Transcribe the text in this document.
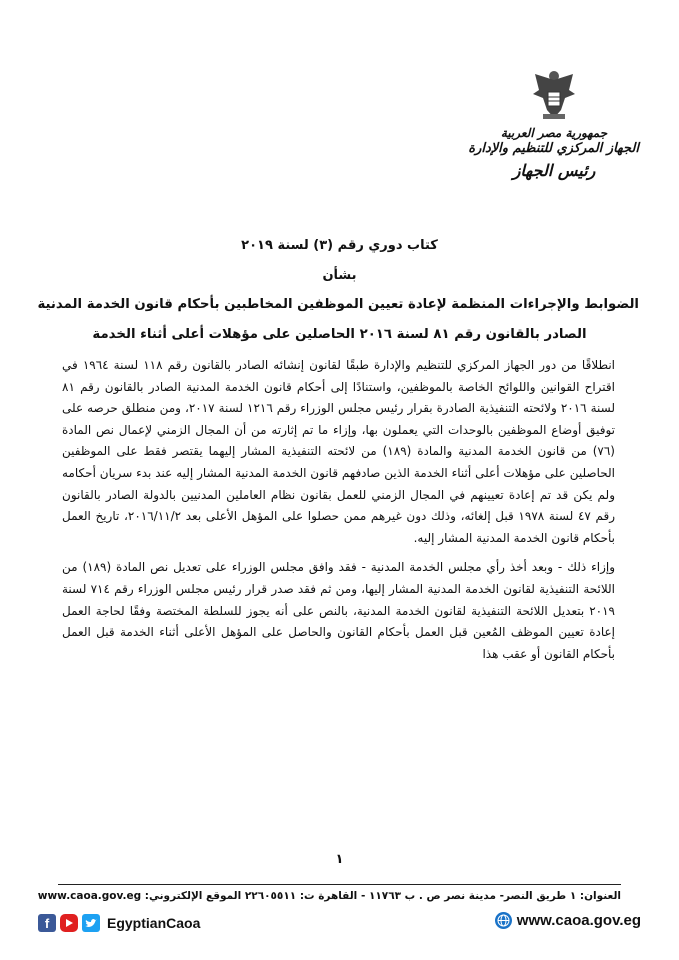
جمهورية مصر العربية
الجهاز المركزي للتنظيم والإدارة
رئيس الجهاز
كتاب دوري رقم (٣) لسنة ٢٠١٩
بشأن
الضوابط والإجراءات المنظمة لإعادة تعيين الموظفين المخاطبين بأحكام قانون الخدمة المدنية
الصادر بالقانون رقم ٨١ لسنة ٢٠١٦ الحاصلين على مؤهلات أعلى أثناء الخدمة

انطلاقًا من دور الجهاز المركزي للتنظيم والإدارة طبقًا لقانون إنشائه الصادر بالقانون رقم ١١٨ لسنة ١٩٦٤ في اقتراح القوانين واللوائح الخاصة بالموظفين، واستنادًا إلى أحكام قانون الخدمة المدنية الصادر بالقانون رقم ٨١ لسنة ٢٠١٦ ولائحته التنفيذية الصادرة بقرار رئيس مجلس الوزراء رقم ١٢١٦ لسنة ٢٠١٧، ومن منطلق حرصه على توفيق أوضاع الموظفين بالوحدات التي يعملون بها، وإزاء ما تم إثارته من أن المجال الزمني لإعمال نص المادة (٧٦) من قانون الخدمة المدنية والمادة (١٨٩) من لائحته التنفيذية المشار إليهما يقتصر فقط على الموظفين الحاصلين على مؤهلات أعلى أثناء الخدمة الذين صادفهم قانون الخدمة المدنية المشار إليه عند بدء سريان أحكامه ولم يكن قد تم إعادة تعيينهم في المجال الزمني للعمل بقانون نظام العاملين المدنيين بالدولة الصادر بالقانون رقم ٤٧ لسنة ١٩٧٨ قبل إلغائه، وذلك دون غيرهم ممن حصلوا على المؤهل الأعلى بعد ٢٠١٦/١١/٢، تاريخ العمل بأحكام قانون الخدمة المدنية المشار إليه.

وإزاء ذلك - وبعد أخذ رأي مجلس الخدمة المدنية - فقد وافق مجلس الوزراء على تعديل نص المادة (١٨٩) من اللائحة التنفيذية لقانون الخدمة المدنية المشار إليها، ومن ثم فقد صدر قرار رئيس مجلس الوزراء رقم ٧١٤ لسنة ٢٠١٩ بتعديل اللائحة التنفيذية لقانون الخدمة المدنية، بالنص على أنه يجوز للسلطة المختصة وفقًا لحاجة العمل إعادة تعيين الموظف المُعين قبل العمل بأحكام القانون والحاصل على المؤهل الأعلى أثناء الخدمة قبل العمل بأحكام القانون أو عقب هذا

١
العنوان: ١ طريق النصر- مدينة نصر ص . ب ١١٧٦٣ - القاهرة ت: ٢٢٦٠٥٥١١ الموقع الإلكتروني: www.caoa.gov.eg
f	EgyptianCaoa	www.caoa.gov.eg
